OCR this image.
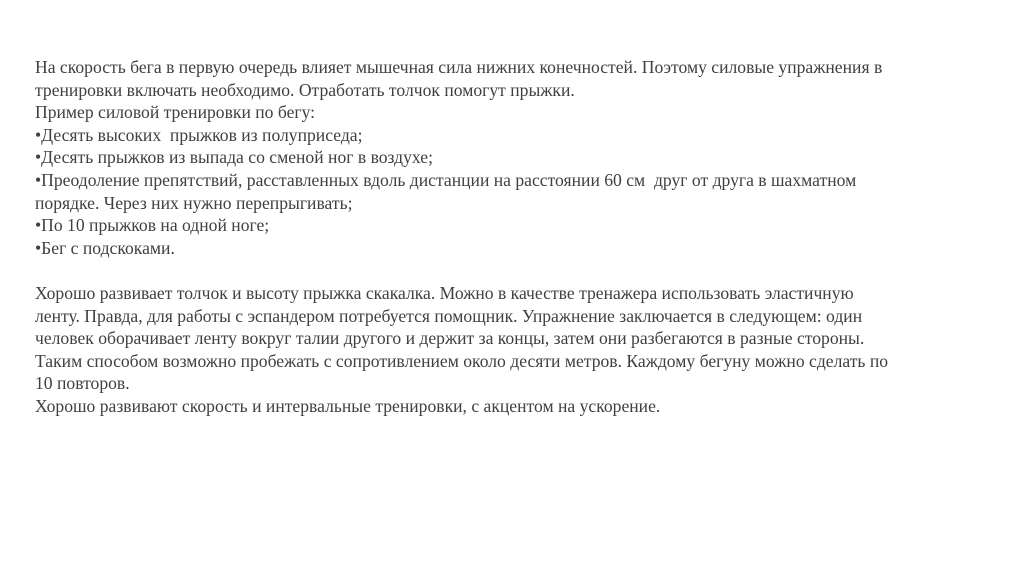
На скорость бега в первую очередь влияет мышечная сила нижних конечностей. Поэтому силовые упражнения в
тренировки включать необходимо. Отработать толчок помогут прыжки.
Пример силовой тренировки по бегу:
•Десять высоких  прыжков из полуприседа;
•Десять прыжков из выпада со сменой ног в воздухе;
•Преодоление препятствий, расставленных вдоль дистанции на расстоянии 60 см  друг от друга в шахматном
порядке. Через них нужно перепрыгивать;
•По 10 прыжков на одной ноге;
•Бег с подскоками.
Хорошо развивает толчок и высоту прыжка скакалка. Можно в качестве тренажера использовать эластичную
ленту. Правда, для работы с эспандером потребуется помощник. Упражнение заключается в следующем: один
человек оборачивает ленту вокруг талии другого и держит за концы, затем они разбегаются в разные стороны.
Таким способом возможно пробежать с сопротивлением около десяти метров. Каждому бегуну можно сделать по
10 повторов.
Хорошо развивают скорость и интервальные тренировки, с акцентом на ускорение.
